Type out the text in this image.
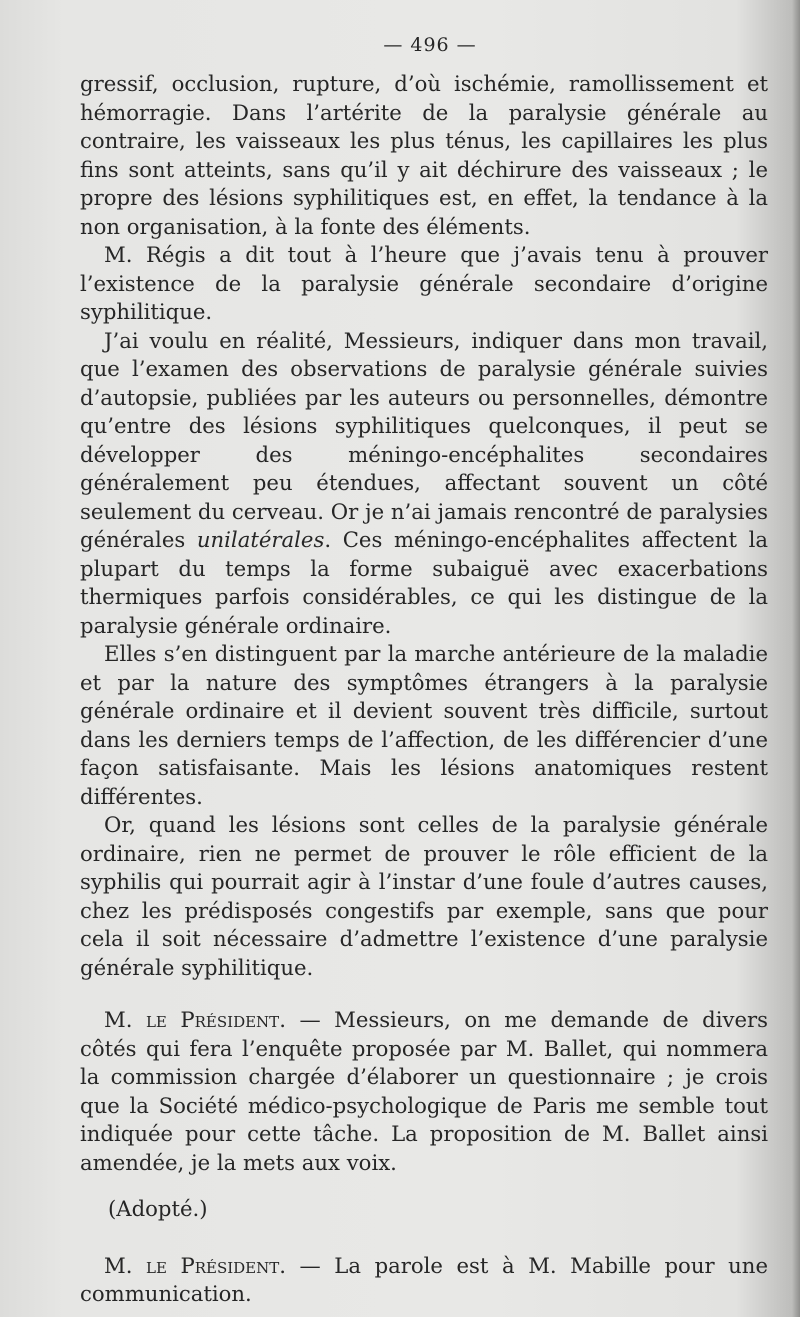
— 496 —

gressif, occlusion, rupture, d’où ischémie, ramollissement et hémorragie. Dans l’artérite de la paralysie générale au contraire, les vaisseaux les plus ténus, les capillaires les plus fins sont atteints, sans qu’il y ait déchirure des vaisseaux ; le propre des lésions syphilitiques est, en effet, la tendance à la non organisation, à la fonte des éléments.

M. Régis a dit tout à l’heure que j’avais tenu à prouver l’existence de la paralysie générale secondaire d’origine syphilitique.

J’ai voulu en réalité, Messieurs, indiquer dans mon travail, que l’examen des observations de paralysie générale suivies d’autopsie, publiées par les auteurs ou personnelles, démontre qu’entre des lésions syphilitiques quelconques, il peut se développer des méningo-encéphalites secondaires généralement peu étendues, affectant souvent un côté seulement du cerveau. Or je n’ai jamais rencontré de paralysies générales unilatérales. Ces méningo-encéphalites affectent la plupart du temps la forme subaiguë avec exacerbations thermiques parfois considérables, ce qui les distingue de la paralysie générale ordinaire.

Elles s’en distinguent par la marche antérieure de la maladie et par la nature des symptômes étrangers à la paralysie générale ordinaire et il devient souvent très difficile, surtout dans les derniers temps de l’affection, de les différencier d’une façon satisfaisante. Mais les lésions anatomiques restent différentes.

Or, quand les lésions sont celles de la paralysie générale ordinaire, rien ne permet de prouver le rôle efficient de la syphilis qui pourrait agir à l’instar d’une foule d’autres causes, chez les prédisposés congestifs par exemple, sans que pour cela il soit nécessaire d’admettre l’existence d’une paralysie générale syphilitique.

M. le Président. — Messieurs, on me demande de divers côtés qui fera l’enquête proposée par M. Ballet, qui nommera la commission chargée d’élaborer un questionnaire ; je crois que la Société médico-psychologique de Paris me semble tout indiquée pour cette tâche. La proposition de M. Ballet ainsi amendée, je la mets aux voix.

(Adopté.)

M. le Président. — La parole est à M. Mabille pour une communication.
